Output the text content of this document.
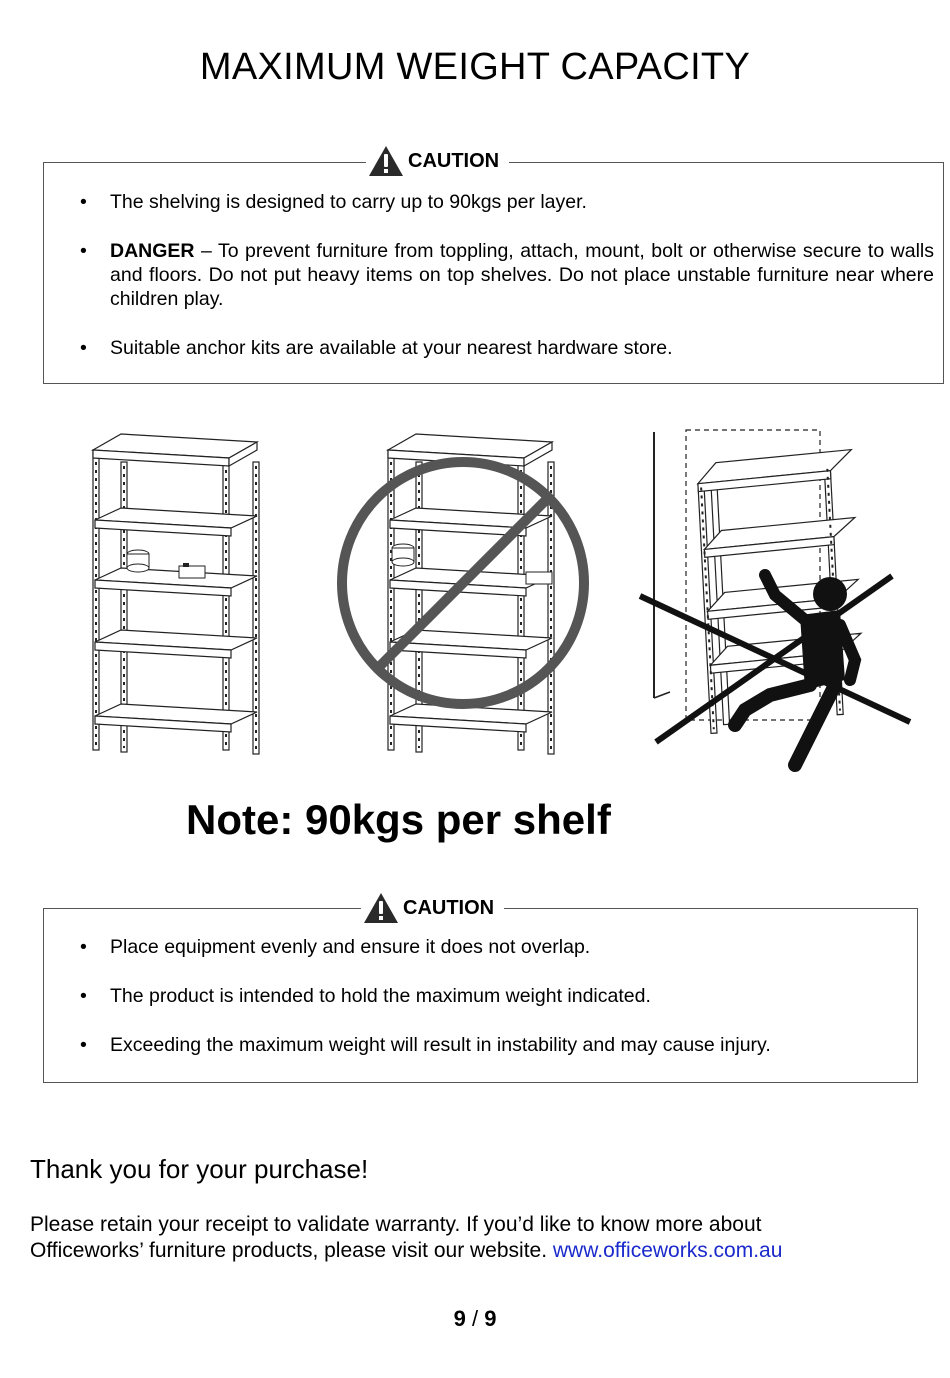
MAXIMUM WEIGHT CAPACITY
• The shelving is designed to carry up to 90kgs per layer.
• DANGER – To prevent furniture from toppling, attach, mount, bolt or otherwise secure to walls and floors. Do not put heavy items on top shelves. Do not place unstable furniture near where children play.
• Suitable anchor kits are available at your nearest hardware store.
CAUTION
Note: 90kgs per shelf
• Place equipment evenly and ensure it does not overlap.
• The product is intended to hold the maximum weight indicated.
• Exceeding the maximum weight will result in instability and may cause injury.
CAUTION
Thank you for your purchase!
Please retain your receipt to validate warranty. If you’d like to know more about
Officeworks’ furniture products, please visit our website. www.officeworks.com.au
9 / 9
